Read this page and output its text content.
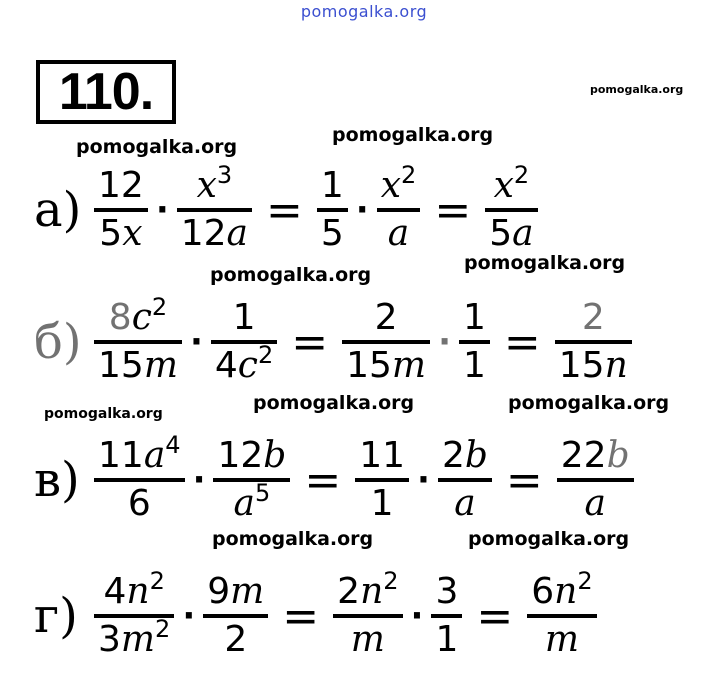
pomogalka.org
110.	pomogalka.org
pomogalka.org
pomogalka.org
pomogalka.org
pomogalka.org
pomogalka.org	pomogalka.org
pomogalka.org
pomogalka.org	pomogalka.org
$а) \frac{12}{5x} \cdot \frac{x^3}{12a} = \frac{1}{5} \cdot \frac{x^2}{a} = \frac{x^2}{5a}$
$б) \frac{8c^2}{15m} \cdot \frac{1}{4c^2} = \frac{2}{15m} \cdot \frac{1}{1} = \frac{2}{15n}$
$в) \frac{11a^4}{6} \cdot \frac{12b}{a^5} = \frac{11}{1} \cdot \frac{2b}{a} = \frac{22b}{a}$
$г) \frac{4n^2}{3m^2} \cdot \frac{9m}{2} = \frac{2n^2}{m} \cdot \frac{3}{1} = \frac{6n^2}{m}$
